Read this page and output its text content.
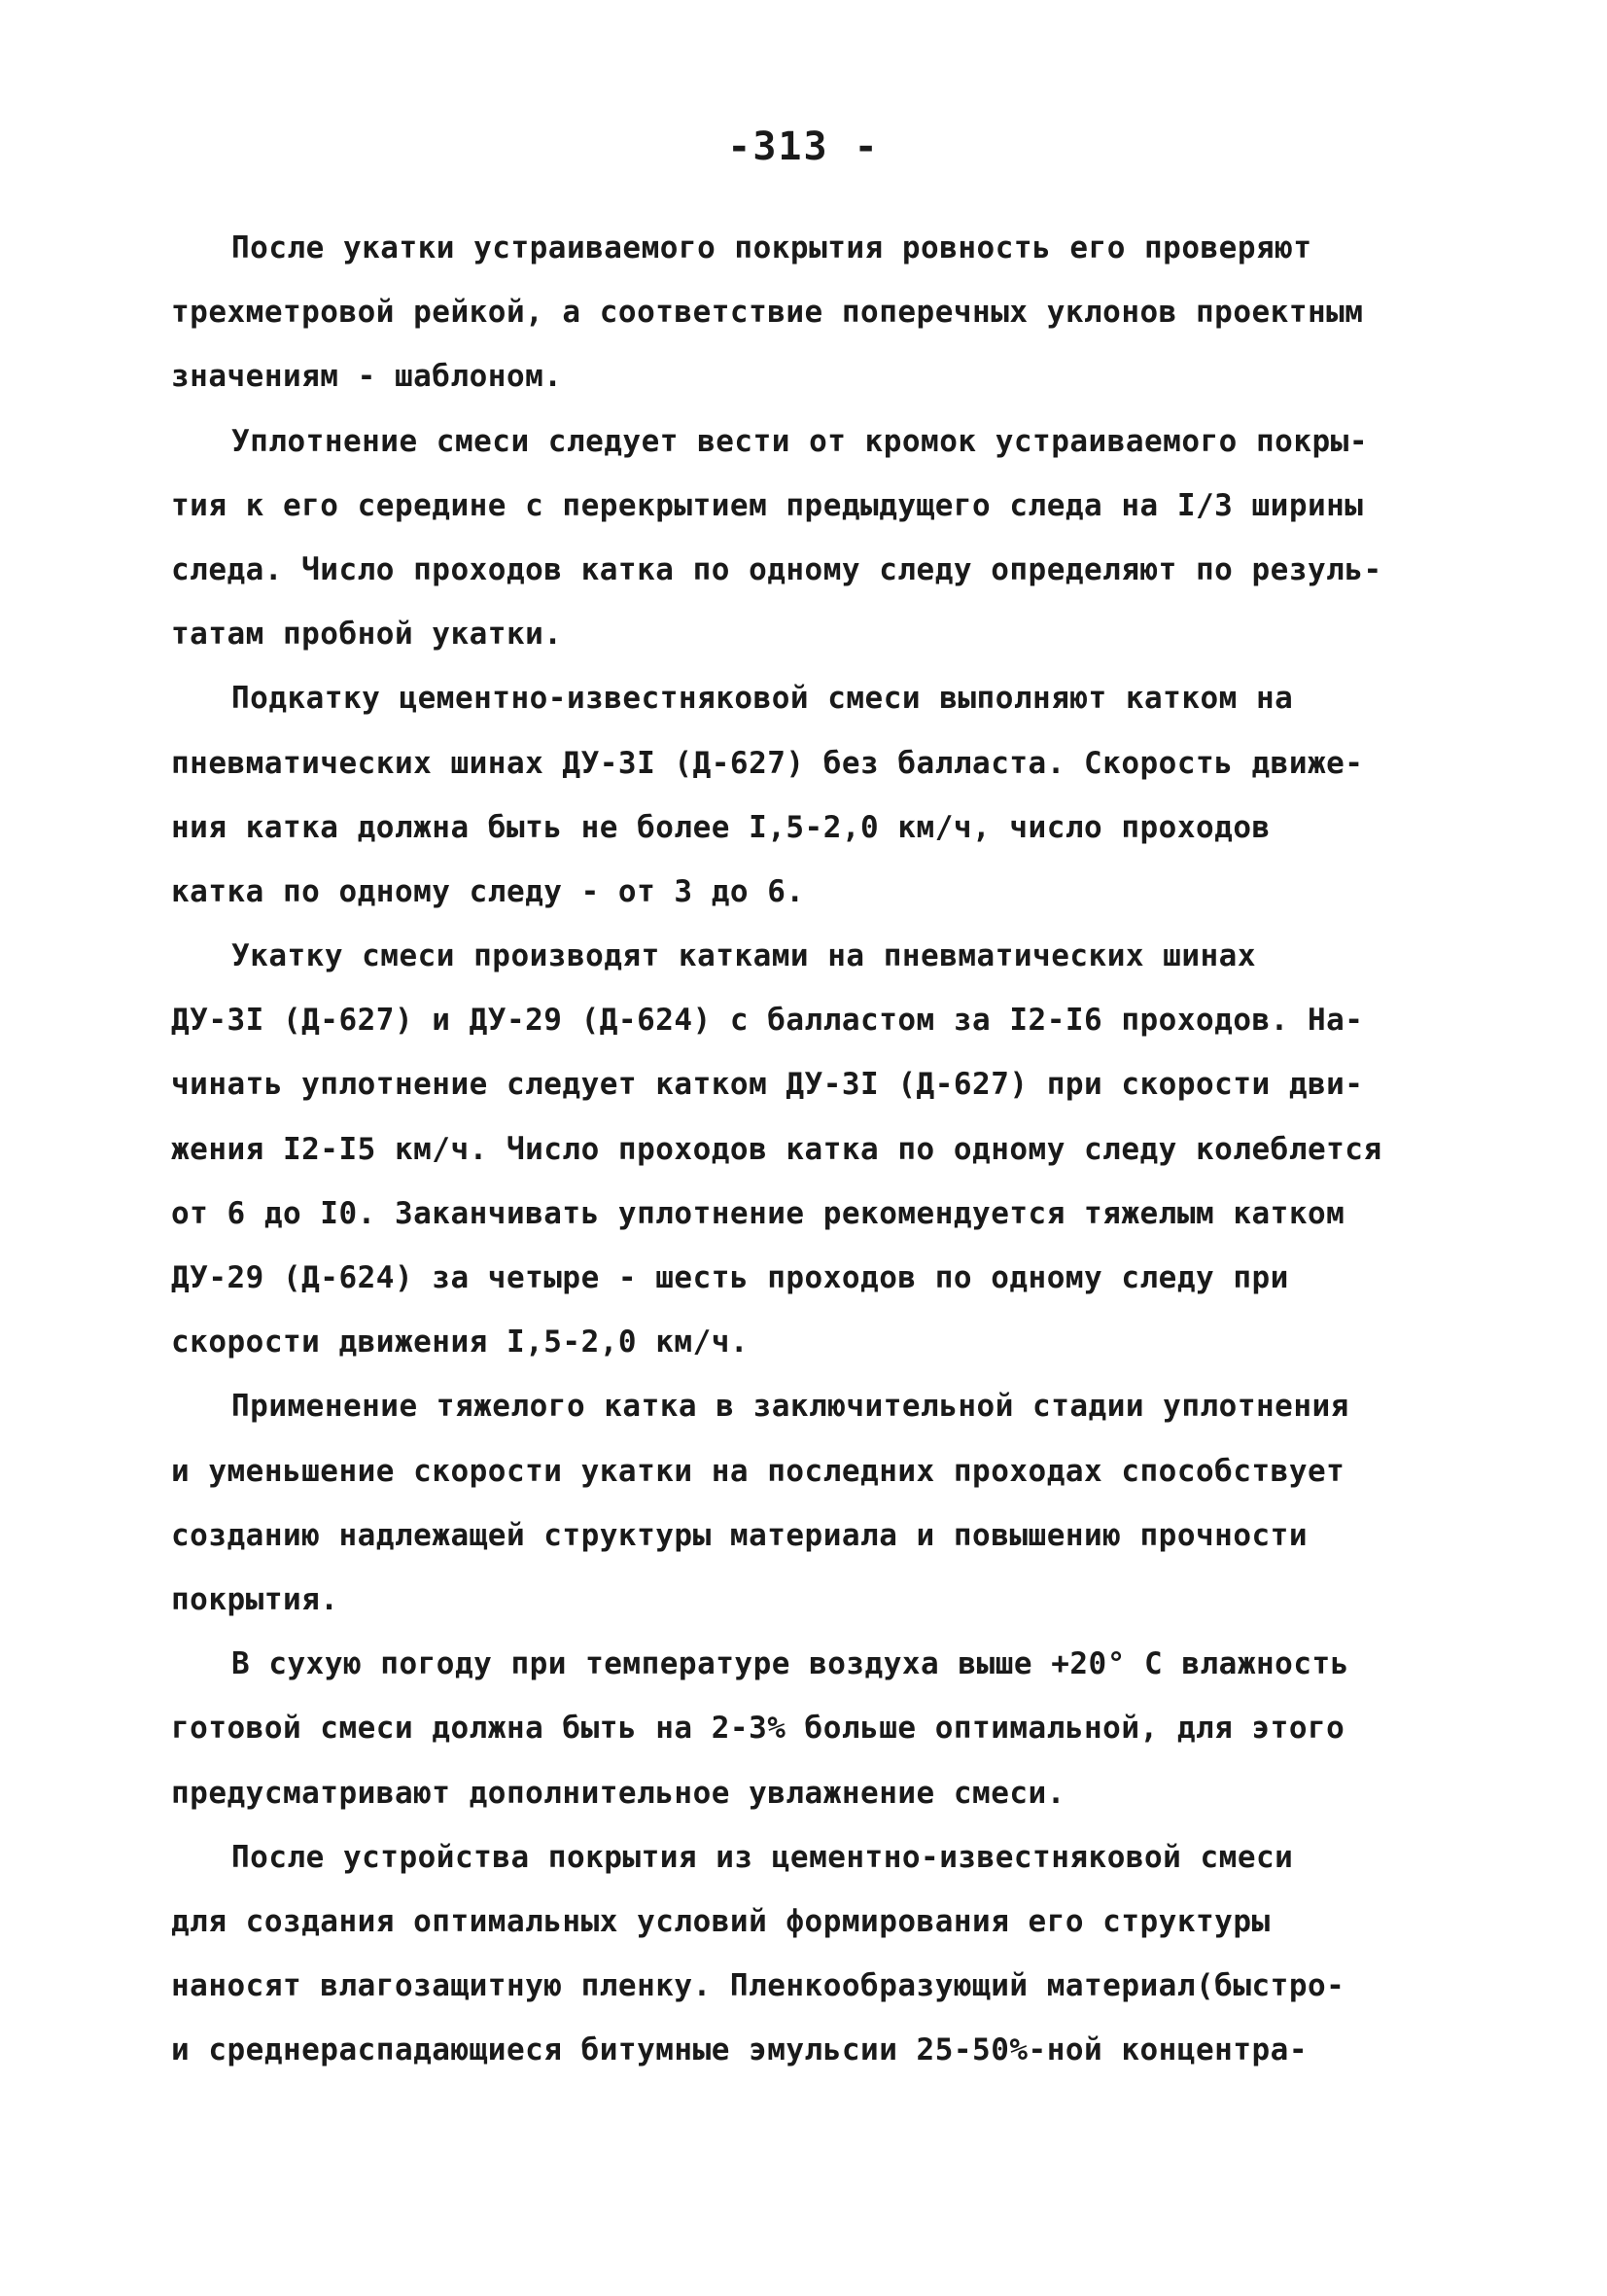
-313 -
После укатки устраиваемого покрытия ровность его проверяют
трехметровой рейкой, а соответствие поперечных уклонов проектным
значениям - шаблоном.
Уплотнение смеси следует вести от кромок устраиваемого покры-
тия к его середине с перекрытием предыдущего следа на I/3 ширины
следа. Число проходов катка по одному следу определяют по резуль-
татам пробной укатки.
Подкатку цементно-известняковой смеси выполняют катком на
пневматических шинах ДУ-3I (Д-627) без балласта. Скорость движе-
ния катка должна быть не более I,5-2,0 км/ч, число проходов
катка по одному следу - от 3 до 6.
Укатку смеси производят катками на пневматических шинах
ДУ-3I (Д-627) и ДУ-29 (Д-624) с балластом за I2-I6 проходов. На-
чинать уплотнение следует катком ДУ-3I (Д-627) при скорости дви-
жения I2-I5 км/ч. Число проходов катка по одному следу колеблется
от 6 до I0. Заканчивать уплотнение рекомендуется тяжелым катком
ДУ-29 (Д-624) за четыре - шесть проходов по одному следу при
скорости движения I,5-2,0 км/ч.
Применение тяжелого катка в заключительной стадии уплотнения
и уменьшение скорости укатки на последних проходах способствует
созданию надлежащей структуры материала и повышению прочности
покрытия.
В сухую погоду при температуре воздуха выше +20° С влажность
готовой смеси должна быть на 2-3% больше оптимальной, для этого
предусматривают дополнительное увлажнение смеси.
После устройства покрытия из цементно-известняковой смеси
для создания оптимальных условий формирования его структуры
наносят влагозащитную пленку. Пленкообразующий материал(быстро-
и среднераспадающиеся битумные эмульсии 25-50%-ной концентра-
